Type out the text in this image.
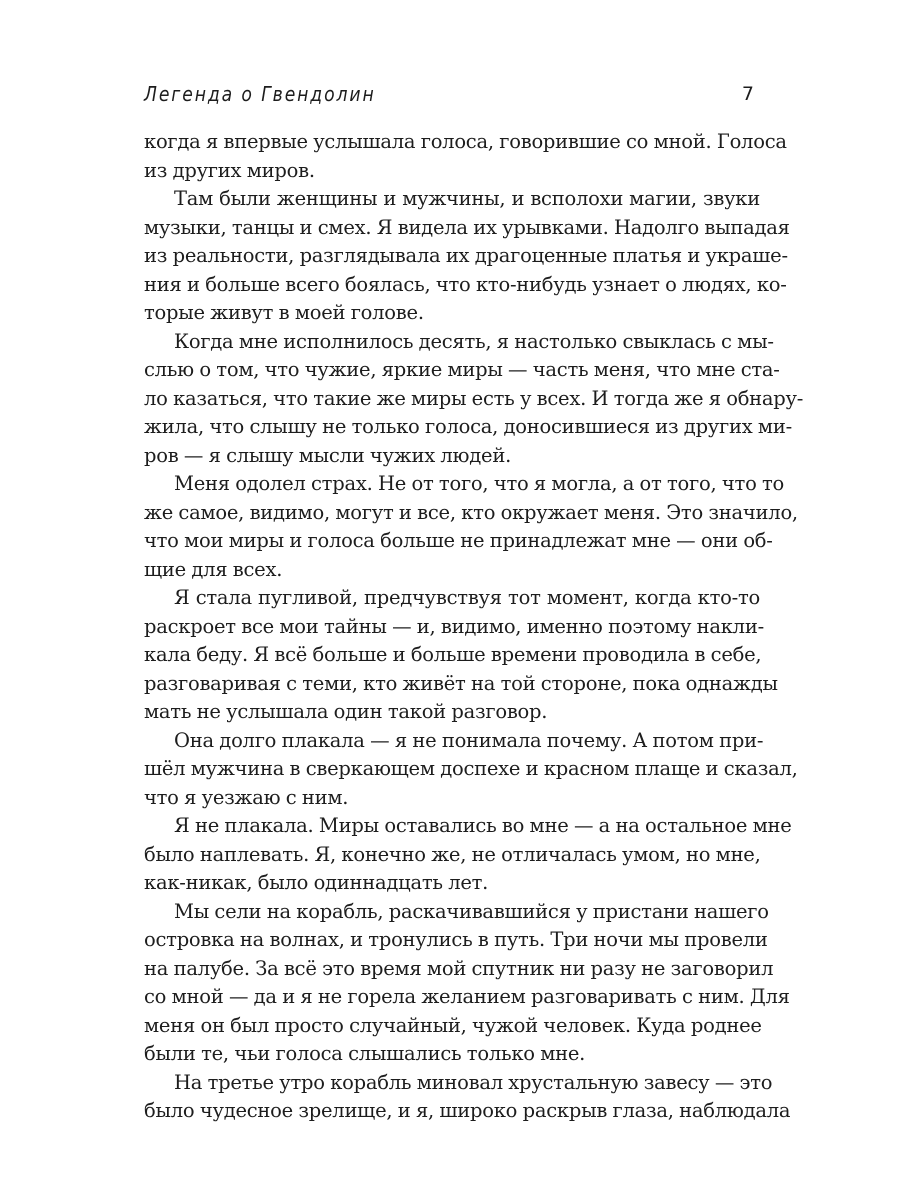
Легенда о Гвендолин	7
когда я впервые услышала голоса, говорившие со мной. Голоса
из других миров.
Там были женщины и мужчины, и всполохи магии, звуки
музыки, танцы и смех. Я видела их урывками. Надолго выпадая
из реальности, разглядывала их драгоценные платья и украше-
ния и больше всего боялась, что кто-нибудь узнает о людях, ко-
торые живут в моей голове.
Когда мне исполнилось десять, я настолько свыклась с мы-
слью о том, что чужие, яркие миры — часть меня, что мне ста-
ло казаться, что такие же миры есть у всех. И тогда же я обнару-
жила, что слышу не только голоса, доносившиеся из других ми-
ров — я слышу мысли чужих людей.
Меня одолел страх. Не от того, что я могла, а от того, что то
же самое, видимо, могут и все, кто окружает меня. Это значило,
что мои миры и голоса больше не принадлежат мне — они об-
щие для всех.
Я стала пугливой, предчувствуя тот момент, когда кто-то
раскроет все мои тайны — и, видимо, именно поэтому накли-
кала беду. Я всё больше и больше времени проводила в себе,
разговаривая с теми, кто живёт на той стороне, пока однажды
мать не услышала один такой разговор.
Она долго плакала — я не понимала почему. А потом при-
шёл мужчина в сверкающем доспехе и красном плаще и сказал,
что я уезжаю с ним.
Я не плакала. Миры оставались во мне — а на остальное мне
было наплевать. Я, конечно же, не отличалась умом, но мне,
как-никак, было одиннадцать лет.
Мы сели на корабль, раскачивавшийся у пристани нашего
островка на волнах, и тронулись в путь. Три ночи мы провели
на палубе. За всё это время мой спутник ни разу не заговорил
со мной — да и я не горела желанием разговаривать с ним. Для
меня он был просто случайный, чужой человек. Куда роднее
были те, чьи голоса слышались только мне.
На третье утро корабль миновал хрустальную завесу — это
было чудесное зрелище, и я, широко раскрыв глаза, наблюдала
